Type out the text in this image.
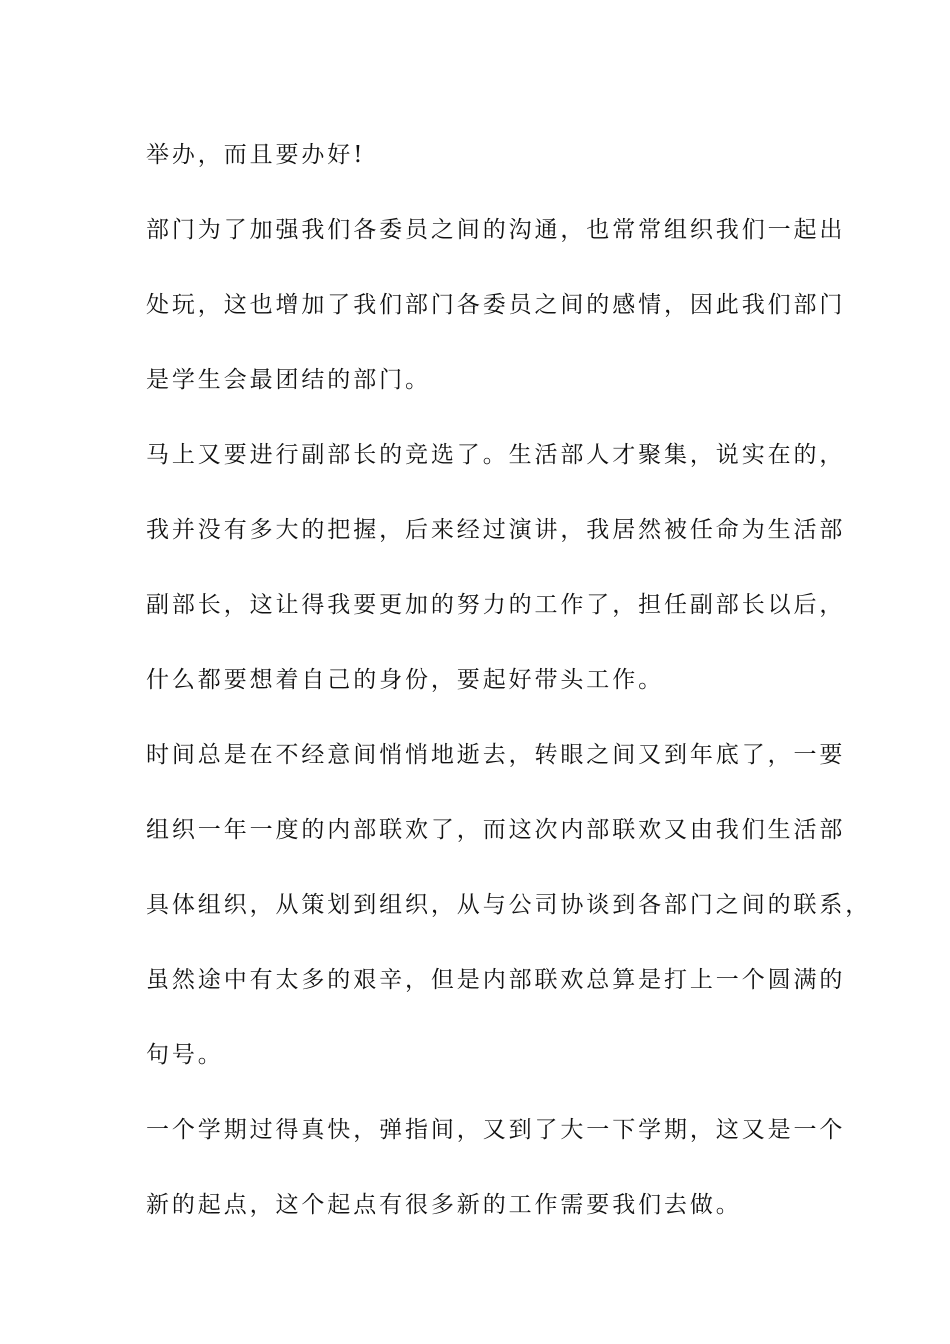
举办，而且要办好!
部门为了加强我们各委员之间的沟通，也常常组织我们一起出
处玩，这也增加了我们部门各委员之间的感情，因此我们部门
是学生会最团结的部门。
马上又要进行副部长的竞选了。生活部人才聚集，说实在的，
我并没有多大的把握，后来经过演讲，我居然被任命为生活部
副部长，这让得我要更加的努力的工作了，担任副部长以后，
什么都要想着自己的身份，要起好带头工作。
时间总是在不经意间悄悄地逝去，转眼之间又到年底了，一要
组织一年一度的内部联欢了，而这次内部联欢又由我们生活部
具体组织，从策划到组织，从与公司协谈到各部门之间的联系，
虽然途中有太多的艰辛，但是内部联欢总算是打上一个圆满的
句号。
一个学期过得真快，弹指间，又到了大一下学期，这又是一个
新的起点，这个起点有很多新的工作需要我们去做。
